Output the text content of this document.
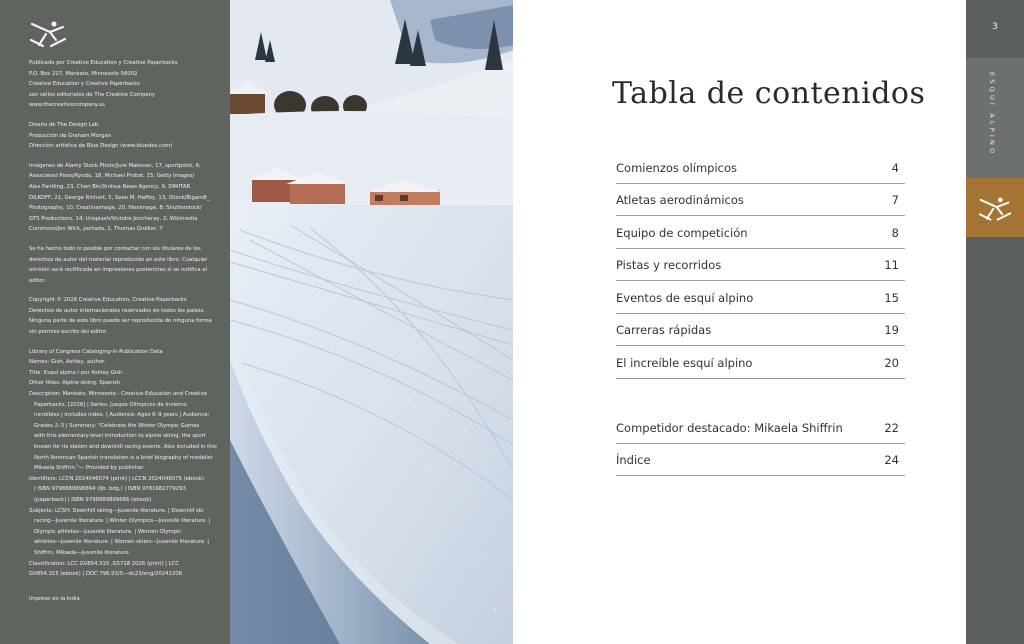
Publicado por Creative Education y Creative Paperbacks
P.O. Box 227, Mankato, Minnesota 56002
Creative Education y Creative Paperbacks
son sellos editoriales de The Creative Company
www.thecreativecompany.us
Diseño de The Design Lab
Producción de Graham Morgan
Dirección artística de Blue Design (www.bluedes.com)
Imágenes de Alamy Stock Photo/Jure Makovec, 17, sportpoint, 6;
Associated Press/Kyodo, 18, Michael Probst, 15; Getty Images/
Alex Pantling, 23, Chen Bin/Xinhua News Agency, 9, DIMITAR
DILKOFF, 21, George Rinhart, 5, Sean M. Haffey, 13, iStock/Bigandt_
Photography, 10, Creativaimage, 20, filexImage, 8; Shutterstock/
GTS Productions, 14; Unsplash/Victoire Joncheray, 2; Wikimedia
Commons/Jon Wick, portada, 1, Thomas Grollier, 7
Se ha hecho todo lo posible por contactar con los titulares de los
derechos de autor del material reproducido en este libro. Cualquier
omisión será rectificada en impresiones posteriores si se notifica al
editor.
Copyright © 2026 Creative Education, Creative Paperbacks
Derechos de autor internacionales reservados en todos los países.
Ninguna parte de este libro puede ser reproducida de ninguna forma
sin permiso escrito del editor.
Library of Congress Cataloging-in-Publication Data
Names: Gish, Ashley, author.
Title: Esquí alpino / por Ashley Gish.
Other titles: Alpine skiing. Spanish
Description: Mankato, Minnesota : Creative Education and Creative
Paperbacks, [2026] | Series: Juegos Olímpicos de Invierno
increíbles | Includes index. | Audience: Ages 6–9 years | Audience:
Grades 2–3 | Summary: "Celebrate the Winter Olympic Games
with this elementary-level introduction to alpine skiing, the sport
known for its slalom and downhill racing events. Also included in this
North American Spanish translation is a brief biography of medalist
Mikaela Shiffrin."— Provided by publisher.
Identifiers: LCCN 2024046074 (print) | LCCN 2024046075 (ebook)
| ISBN 9798889898894 (lib. bdg.) | ISBN 9781682779293
(paperback) | ISBN 9798889899686 (ebook)
Subjects: LCSH: Downhill skiing—Juvenile literature. | Downhill ski
racing—Juvenile literature. | Winter Olympics—Juvenile literature. |
Olympic athletes—Juvenile literature. | Women Olympic
athletes—Juvenile literature. | Women skiers—Juvenile literature. |
Shiffrin, Mikaela—Juvenile literature.
Classification: LCC GV854.315 .G5718 2026 (print) | LCC
GV854.315 (ebook) | DDC 796.93/5—dc23/eng/20241208
Impreso en la India
Tabla de contenidos
Comienzos olímpicos	4
Atletas aerodinámicos	7
Equipo de competición	8
Pistas y recorridos	11
Eventos de esquí alpino	15
Carreras rápidas	19
El increíble esquí alpino	20
Competidor destacado: Mikaela Shiffrin	22
Índice	24
3
ESQUÍ ALPINO
